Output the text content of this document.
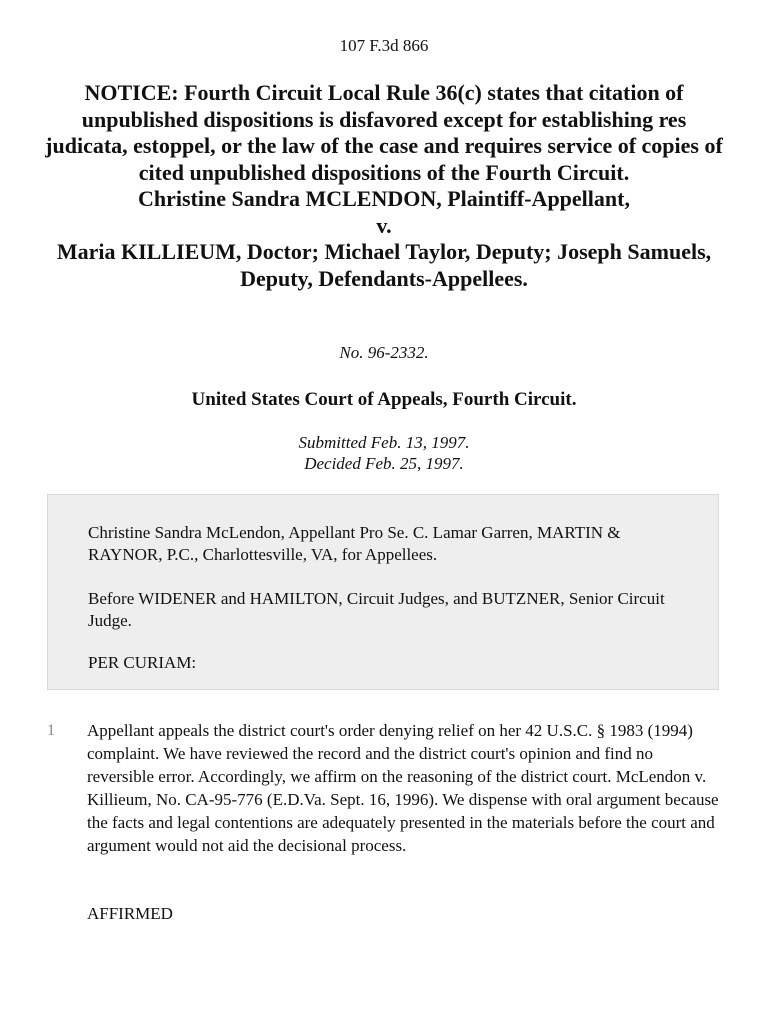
107 F.3d 866
NOTICE: Fourth Circuit Local Rule 36(c) states that citation of unpublished dispositions is disfavored except for establishing res judicata, estoppel, or the law of the case and requires service of copies of cited unpublished dispositions of the Fourth Circuit.
Christine Sandra MCLENDON, Plaintiff-Appellant,
v.
Maria KILLIEUM, Doctor; Michael Taylor, Deputy; Joseph Samuels, Deputy, Defendants-Appellees.
No. 96-2332.
United States Court of Appeals, Fourth Circuit.
Submitted Feb. 13, 1997.
Decided Feb. 25, 1997.

Christine Sandra McLendon, Appellant Pro Se. C. Lamar Garren, MARTIN & RAYNOR, P.C., Charlottesville, VA, for Appellees.

Before WIDENER and HAMILTON, Circuit Judges, and BUTZNER, Senior Circuit Judge.

PER CURIAM:

1 Appellant appeals the district court's order denying relief on her 42 U.S.C. § 1983 (1994) complaint. We have reviewed the record and the district court's opinion and find no reversible error. Accordingly, we affirm on the reasoning of the district court. McLendon v. Killieum, No. CA-95-776 (E.D.Va. Sept. 16, 1996). We dispense with oral argument because the facts and legal contentions are adequately presented in the materials before the court and argument would not aid the decisional process.

AFFIRMED
